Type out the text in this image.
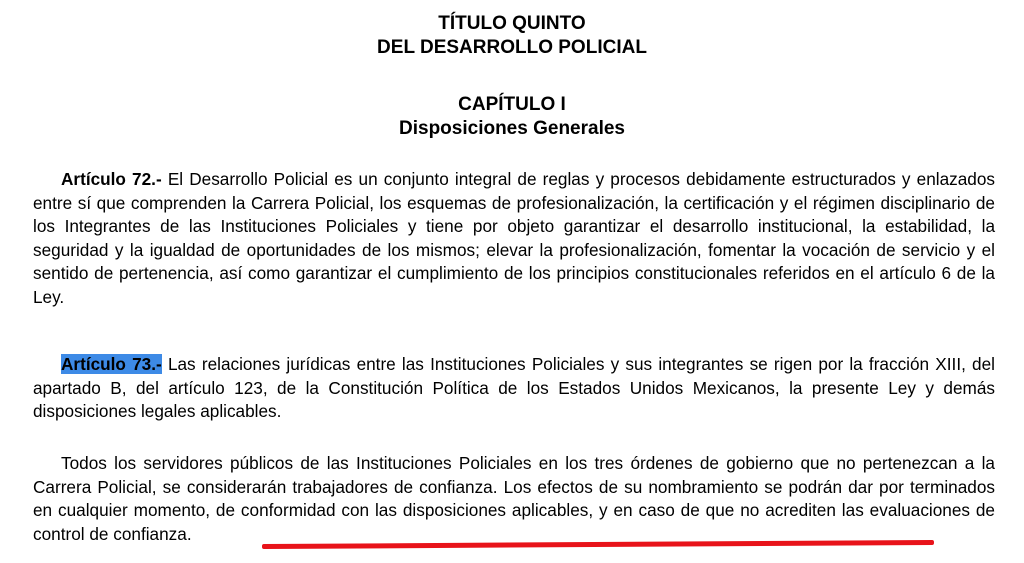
TÍTULO QUINTO
DEL DESARROLLO POLICIAL
CAPÍTULO I
Disposiciones Generales
Artículo 72.- El Desarrollo Policial es un conjunto integral de reglas y procesos debidamente estructurados y enlazados entre sí que comprenden la Carrera Policial, los esquemas de profesionalización, la certificación y el régimen disciplinario de los Integrantes de las Instituciones Policiales y tiene por objeto garantizar el desarrollo institucional, la estabilidad, la seguridad y la igualdad de oportunidades de los mismos; elevar la profesionalización, fomentar la vocación de servicio y el sentido de pertenencia, así como garantizar el cumplimiento de los principios constitucionales referidos en el artículo 6 de la Ley.
Artículo 73.- Las relaciones jurídicas entre las Instituciones Policiales y sus integrantes se rigen por la fracción XIII, del apartado B, del artículo 123, de la Constitución Política de los Estados Unidos Mexicanos, la presente Ley y demás disposiciones legales aplicables.
Todos los servidores públicos de las Instituciones Policiales en los tres órdenes de gobierno que no pertenezcan a la Carrera Policial, se considerarán trabajadores de confianza. Los efectos de su nombramiento se podrán dar por terminados en cualquier momento, de conformidad con las disposiciones aplicables, y en caso de que no acrediten las evaluaciones de control de confianza.
